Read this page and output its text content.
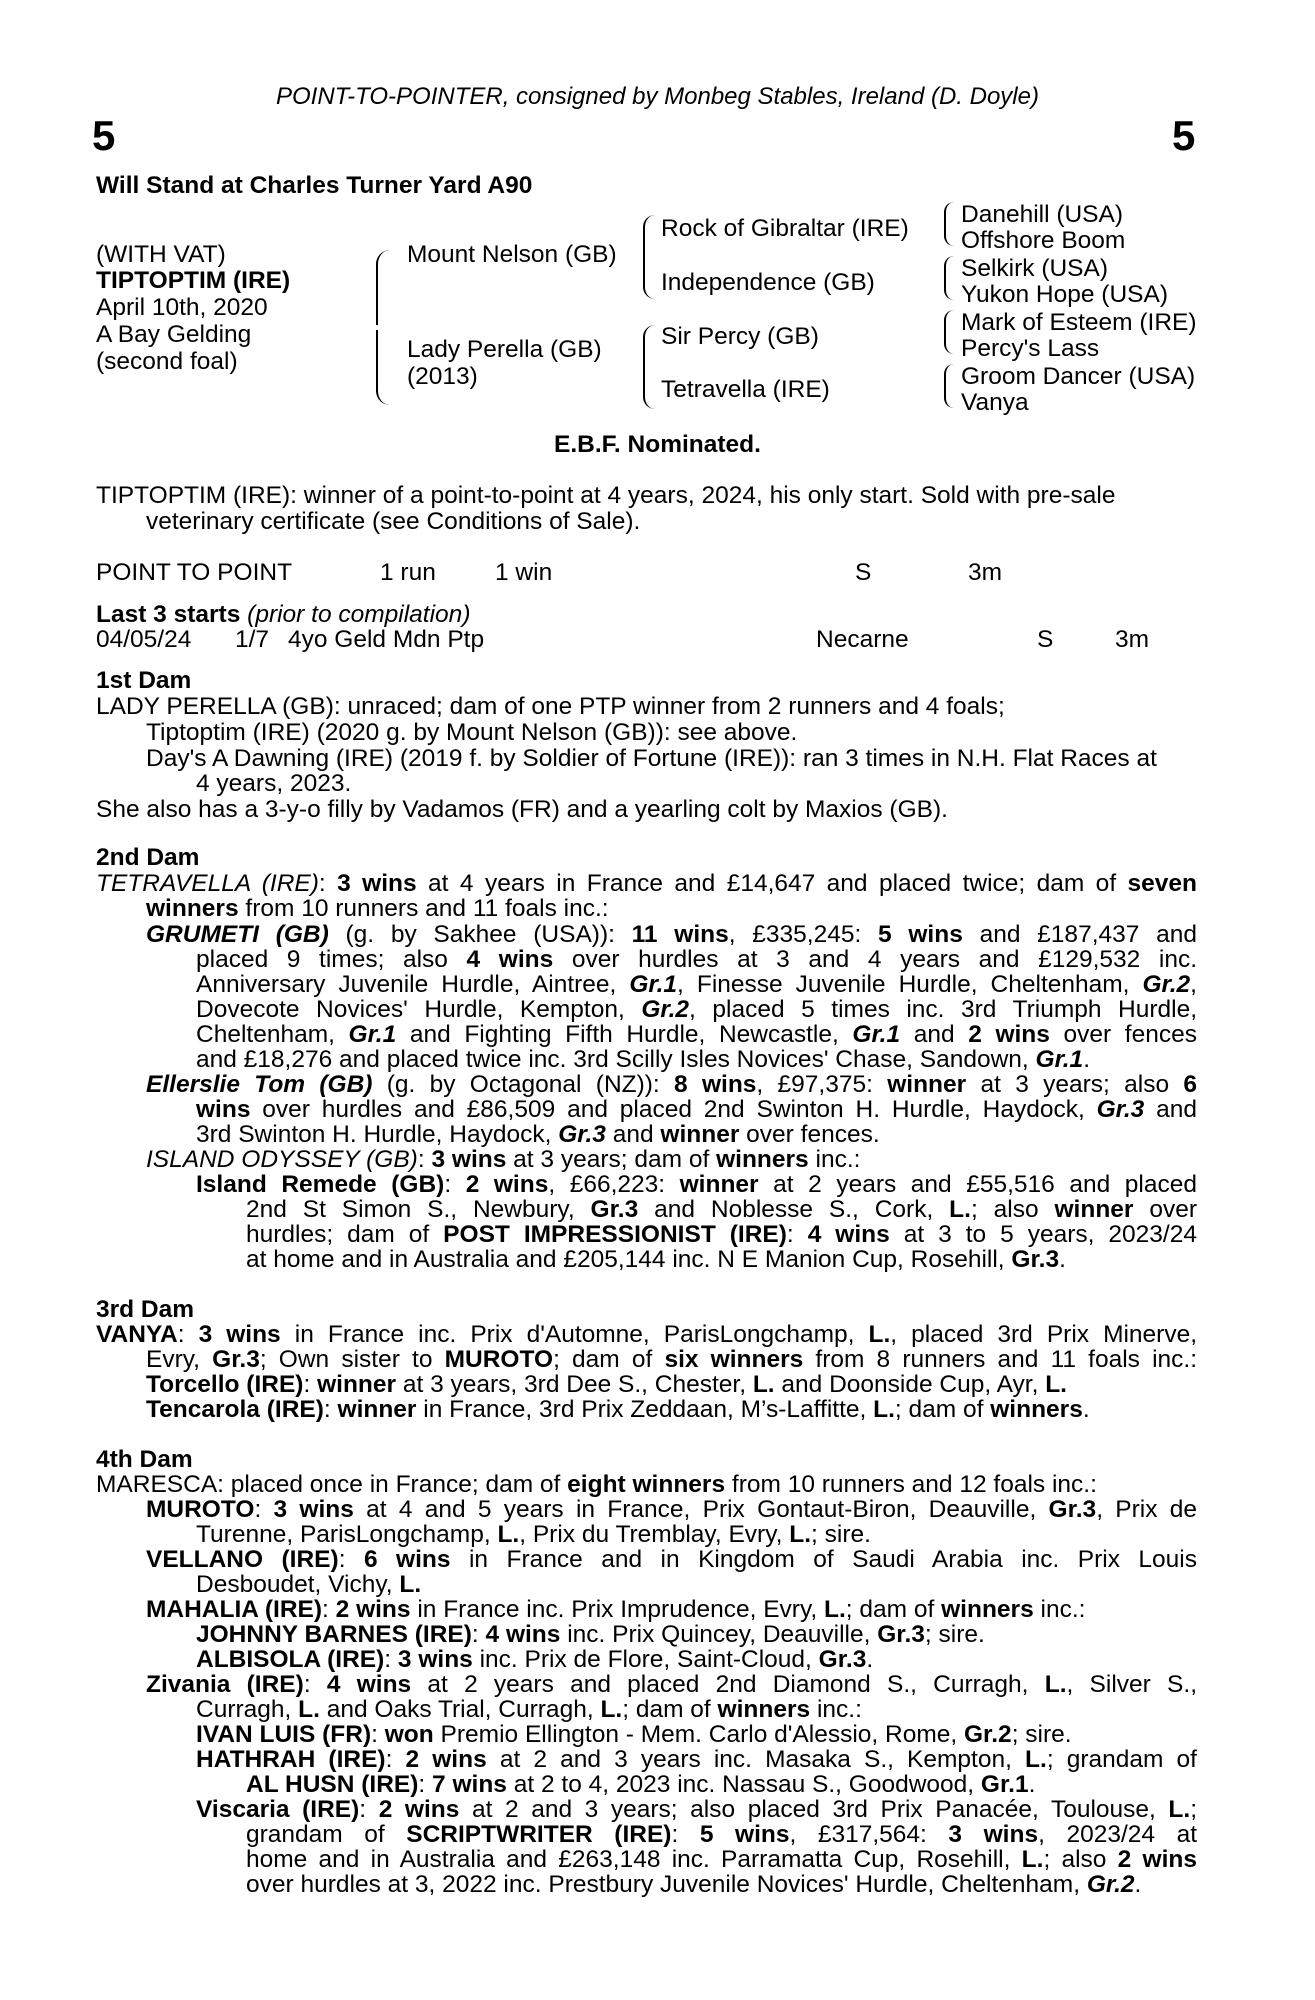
POINT-TO-POINTER, consigned by Monbeg Stables, Ireland (D. Doyle)
5	5
Will Stand at Charles Turner Yard A90
(WITH VAT)
TIPTOPTIM (IRE)
April 10th, 2020
A Bay Gelding
(second foal)
Mount Nelson (GB)
Lady Perella (GB)
(2013)
Rock of Gibraltar (IRE)
Independence (GB)
Sir Percy (GB)
Tetravella (IRE)
Danehill (USA)
Offshore Boom
Selkirk (USA)
Yukon Hope (USA)
Mark of Esteem (IRE)
Percy's Lass
Groom Dancer (USA)
Vanya
E.B.F. Nominated.
TIPTOPTIM (IRE): winner of a point-to-point at 4 years, 2024, his only start. Sold with pre-sale
veterinary certificate (see Conditions of Sale).
POINT TO POINT	1 run 1 win	S	3m
Last 3 starts (prior to compilation)
04/05/24 1/7 4yo Geld Mdn Ptp	Necarne	S	3m
1st Dam
LADY PERELLA (GB): unraced; dam of one PTP winner from 2 runners and 4 foals;
Tiptoptim (IRE) (2020 g. by Mount Nelson (GB)): see above.
Day's A Dawning (IRE) (2019 f. by Soldier of Fortune (IRE)): ran 3 times in N.H. Flat Races at
4 years, 2023.
She also has a 3-y-o filly by Vadamos (FR) and a yearling colt by Maxios (GB).
2nd Dam
TETRAVELLA (IRE): 3 wins at 4 years in France and £14,647 and placed twice; dam of seven
winners from 10 runners and 11 foals inc.:
GRUMETI (GB) (g. by Sakhee (USA)): 11 wins, £335,245: 5 wins and £187,437 and
placed 9 times; also 4 wins over hurdles at 3 and 4 years and £129,532 inc.
Anniversary Juvenile Hurdle, Aintree, Gr.1, Finesse Juvenile Hurdle, Cheltenham, Gr.2,
Dovecote Novices' Hurdle, Kempton, Gr.2, placed 5 times inc. 3rd Triumph Hurdle,
Cheltenham, Gr.1 and Fighting Fifth Hurdle, Newcastle, Gr.1 and 2 wins over fences
and £18,276 and placed twice inc. 3rd Scilly Isles Novices' Chase, Sandown, Gr.1.
Ellerslie Tom (GB) (g. by Octagonal (NZ)): 8 wins, £97,375: winner at 3 years; also 6
wins over hurdles and £86,509 and placed 2nd Swinton H. Hurdle, Haydock, Gr.3 and
3rd Swinton H. Hurdle, Haydock, Gr.3 and winner over fences.
ISLAND ODYSSEY (GB): 3 wins at 3 years; dam of winners inc.:
Island Remede (GB): 2 wins, £66,223: winner at 2 years and £55,516 and placed
2nd St Simon S., Newbury, Gr.3 and Noblesse S., Cork, L.; also winner over
hurdles; dam of POST IMPRESSIONIST (IRE): 4 wins at 3 to 5 years, 2023/24
at home and in Australia and £205,144 inc. N E Manion Cup, Rosehill, Gr.3.
3rd Dam
VANYA: 3 wins in France inc. Prix d'Automne, ParisLongchamp, L., placed 3rd Prix Minerve,
Evry, Gr.3; Own sister to MUROTO; dam of six winners from 8 runners and 11 foals inc.:
Torcello (IRE): winner at 3 years, 3rd Dee S., Chester, L. and Doonside Cup, Ayr, L.
Tencarola (IRE): winner in France, 3rd Prix Zeddaan, M’s-Laffitte, L.; dam of winners.
4th Dam
MARESCA: placed once in France; dam of eight winners from 10 runners and 12 foals inc.:
MUROTO: 3 wins at 4 and 5 years in France, Prix Gontaut-Biron, Deauville, Gr.3, Prix de
Turenne, ParisLongchamp, L., Prix du Tremblay, Evry, L.; sire.
VELLANO (IRE): 6 wins in France and in Kingdom of Saudi Arabia inc. Prix Louis
Desboudet, Vichy, L.
MAHALIA (IRE): 2 wins in France inc. Prix Imprudence, Evry, L.; dam of winners inc.:
JOHNNY BARNES (IRE): 4 wins inc. Prix Quincey, Deauville, Gr.3; sire.
ALBISOLA (IRE): 3 wins inc. Prix de Flore, Saint-Cloud, Gr.3.
Zivania (IRE): 4 wins at 2 years and placed 2nd Diamond S., Curragh, L., Silver S.,
Curragh, L. and Oaks Trial, Curragh, L.; dam of winners inc.:
IVAN LUIS (FR): won Premio Ellington - Mem. Carlo d'Alessio, Rome, Gr.2; sire.
HATHRAH (IRE): 2 wins at 2 and 3 years inc. Masaka S., Kempton, L.; grandam of
AL HUSN (IRE): 7 wins at 2 to 4, 2023 inc. Nassau S., Goodwood, Gr.1.
Viscaria (IRE): 2 wins at 2 and 3 years; also placed 3rd Prix Panacée, Toulouse, L.;
grandam of SCRIPTWRITER (IRE): 5 wins, £317,564: 3 wins, 2023/24 at
home and in Australia and £263,148 inc. Parramatta Cup, Rosehill, L.; also 2 wins
over hurdles at 3, 2022 inc. Prestbury Juvenile Novices' Hurdle, Cheltenham, Gr.2.
